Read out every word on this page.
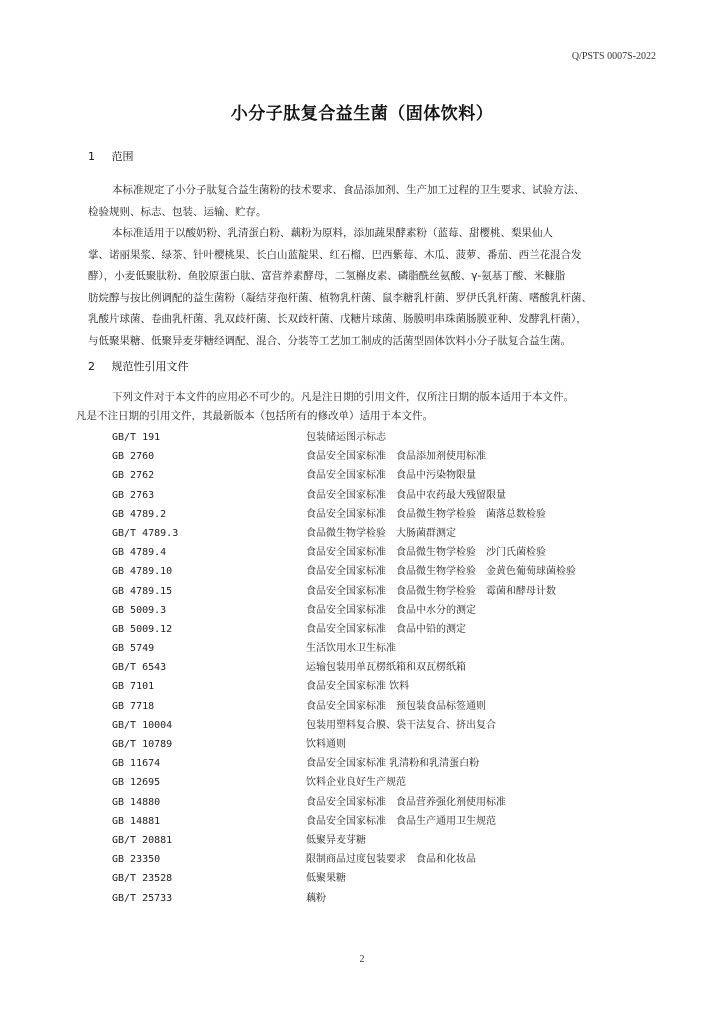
Q/PSTS 0007S-2022
小分子肽复合益生菌（固体饮料）
1 范围
本标准规定了小分子肽复合益生菌粉的技术要求、食品添加剂、生产加工过程的卫生要求、试验方法、
检验规则、标志、包装、运输、贮存。
本标准适用于以酸奶粉、乳清蛋白粉、藕粉为原料，添加蔬果酵素粉（蓝莓、甜樱桃、梨果仙人
掌、诺丽果浆、绿茶、针叶樱桃果、长白山蓝靛果、红石榴、巴西紫莓、木瓜、菠萝、番茄、西兰花混合发
酵），小麦低聚肽粉、鱼胶原蛋白肽、富营养素酵母，二氢槲皮素、磷脂酰丝氨酸、γ-氨基丁酸、米糠脂
肪烷醇与按比例调配的益生菌粉（凝结芽孢杆菌、植物乳杆菌、鼠李糖乳杆菌、罗伊氏乳杆菌、嗜酸乳杆菌、
乳酸片球菌、卷曲乳杆菌、乳双歧杆菌、长双歧杆菌、戊糖片球菌、肠膜明串珠菌肠膜亚种、发酵乳杆菌），
与低聚果糖、低聚异麦芽糖经调配、混合、分装等工艺加工制成的活菌型固体饮料小分子肽复合益生菌。
2 规范性引用文件
下列文件对于本文件的应用必不可少的。凡是注日期的引用文件，仅所注日期的版本适用于本文件。
凡是不注日期的引用文件，其最新版本（包括所有的修改单）适用于本文件。
GB/T 191	包装储运图示标志
GB 2760	食品安全国家标准　食品添加剂使用标准
GB 2762	食品安全国家标准　食品中污染物限量
GB 2763	食品安全国家标准　食品中农药最大残留限量
GB 4789.2	食品安全国家标准　食品微生物学检验　菌落总数检验
GB/T 4789.3	食品微生物学检验　大肠菌群测定
GB 4789.4	食品安全国家标准　食品微生物学检验　沙门氏菌检验
GB 4789.10	食品安全国家标准　食品微生物学检验　金黄色葡萄球菌检验
GB 4789.15	食品安全国家标准　食品微生物学检验　霉菌和酵母计数
GB 5009.3	食品安全国家标准　食品中水分的测定
GB 5009.12	食品安全国家标准　食品中铅的测定
GB 5749	生活饮用水卫生标准
GB/T 6543	运输包装用单瓦楞纸箱和双瓦楞纸箱
GB 7101	食品安全国家标准 饮料
GB 7718	食品安全国家标准　预包装食品标签通则
GB/T 10004	包装用塑料复合膜、袋干法复合、挤出复合
GB/T 10789	饮料通则
GB 11674	食品安全国家标准 乳清粉和乳清蛋白粉
GB 12695	饮料企业良好生产规范
GB 14880	食品安全国家标准　食品营养强化剂使用标准
GB 14881	食品安全国家标准　食品生产通用卫生规范
GB/T 20881	低聚异麦芽糖
GB 23350	限制商品过度包装要求　食品和化妆品
GB/T 23528	低聚果糖
GB/T 25733	藕粉
2
